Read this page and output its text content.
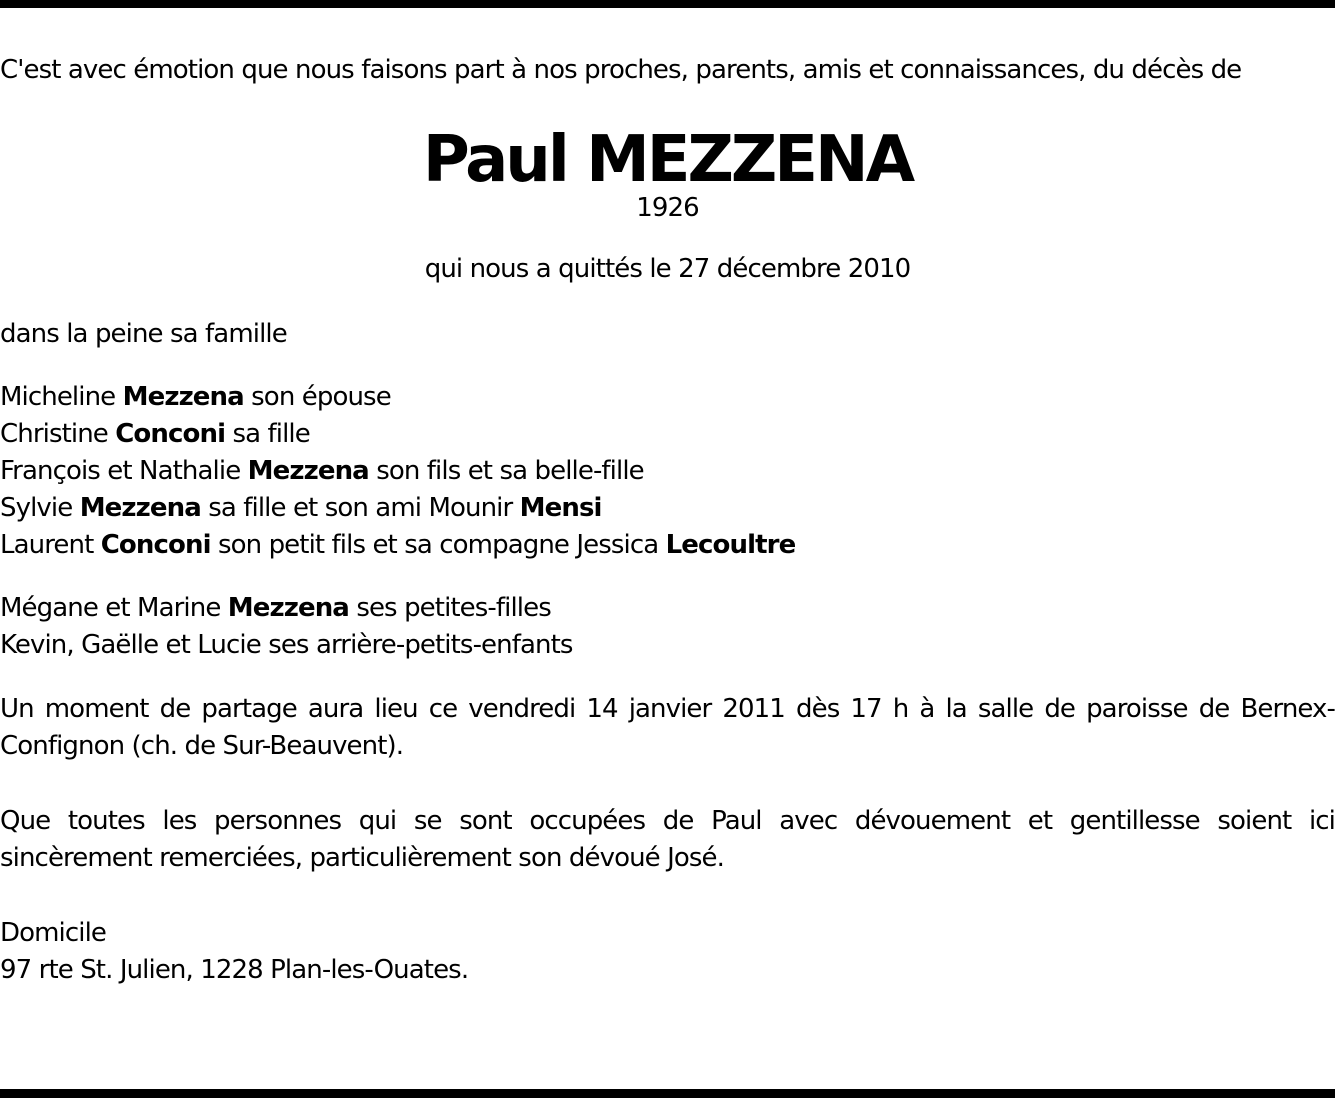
C'est avec émotion que nous faisons part à nos proches, parents, amis et connaissances, du décès de

Paul MEZZENA

1926

qui nous a quittés le 27 décembre 2010

dans la peine sa famille

Micheline Mezzena son épouse

Christine Conconi sa fille

François et Nathalie Mezzena son fils et sa belle-fille

Sylvie Mezzena sa fille et son ami Mounir Mensi

Laurent Conconi son petit fils et sa compagne Jessica Lecoultre

Mégane et Marine Mezzena ses petites-filles

Kevin, Gaëlle et Lucie ses arrière-petits-enfants

Un moment de partage aura lieu ce vendredi 14 janvier 2011 dès 17 h à la salle de paroisse de Bernex-Confignon (ch. de Sur-Beauvent).

Que toutes les personnes qui se sont occupées de Paul avec dévouement et gentillesse soient ici sincèrement remerciées, particulièrement son dévoué José.

Domicile

97 rte St. Julien, 1228 Plan-les-Ouates.
